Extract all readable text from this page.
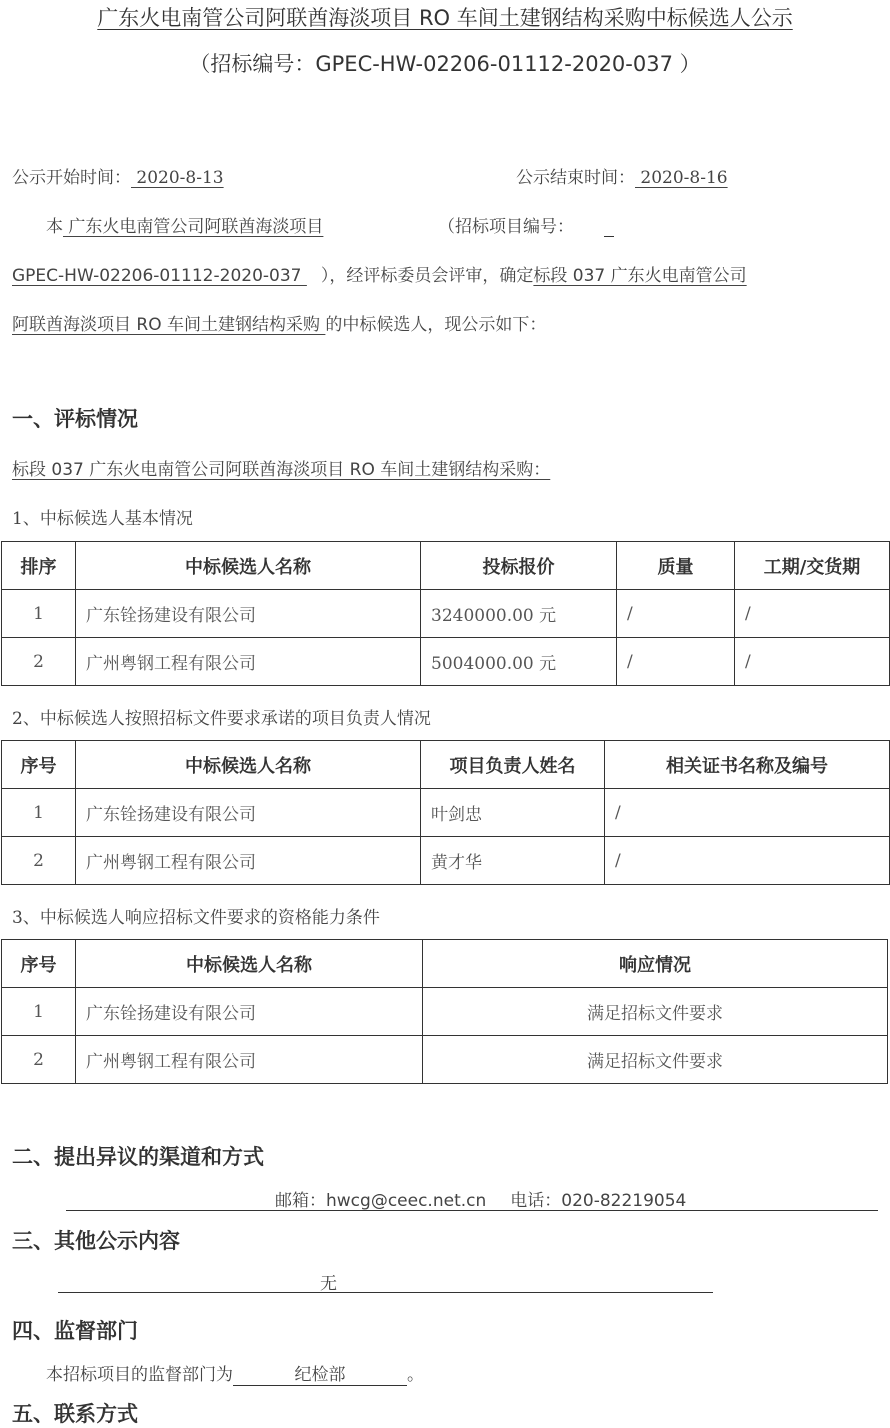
广东火电南管公司阿联酋海淡项目 RO 车间土建钢结构采购中标候选人公示
（招标编号：GPEC-HW-02206-01112-2020-037 ）
公示开始时间： 2020-8-13	公示结束时间： 2020-8-16
本 广东火电南管公司阿联酋海淡项目	（招标项目编号：
GPEC-HW-02206-01112-2020-037 ），经评标委员会评审，确定标段 037 广东火电南管公司
阿联酋海淡项目 RO 车间土建钢结构采购 的中标候选人，现公示如下：
一、评标情况
标段 037 广东火电南管公司阿联酋海淡项目 RO 车间土建钢结构采购：
1、中标候选人基本情况
排序	中标候选人名称	投标报价	质量	工期/交货期
1	广东铨扬建设有限公司	3240000.00 元	/	/
2	广州粤钢工程有限公司	5004000.00 元	/	/
2、中标候选人按照招标文件要求承诺的项目负责人情况
序号	中标候选人名称	项目负责人姓名	相关证书名称及编号
1	广东铨扬建设有限公司	叶剑忠	/
2	广州粤钢工程有限公司	黄才华	/
3、中标候选人响应招标文件要求的资格能力条件
序号	中标候选人名称	响应情况
1	广东铨扬建设有限公司	满足招标文件要求
2	广州粤钢工程有限公司	满足招标文件要求
二、提出异议的渠道和方式
邮箱：hwcg@ceec.net.cn 电话：020-82219054
三、其他公示内容
无
四、监督部门
本招标项目的监督部门为	纪检部	。
五、联系方式
